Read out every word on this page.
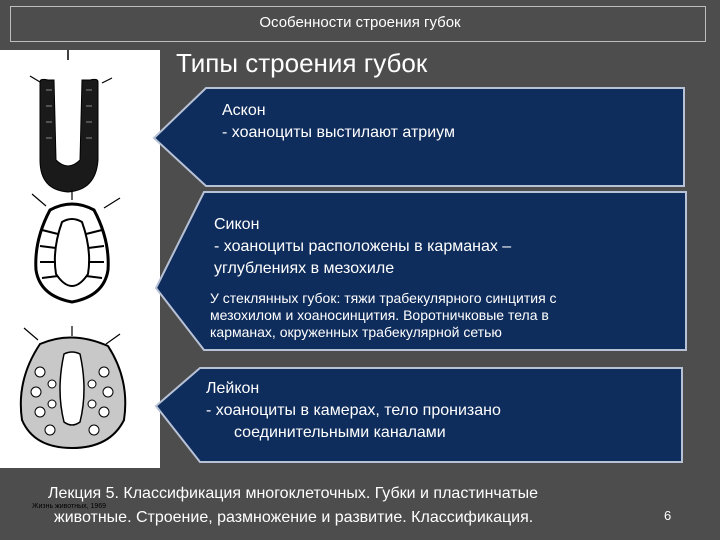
Особенности строения губок
Типы строения губок
Жизнь животных, 1969
Аскон
- хоаноциты выстилают атриум
Сикон
- хоаноциты расположены в карманах –
углублениях в мезохиле
У стеклянных губок: тяжи трабекулярного синцития с
мезохилом и хоаносинцития. Воротничковые тела в
карманах, окруженных трабекулярной сетью
Лейкон
- хоаноциты в камерах, тело пронизано
соединительными каналами
Лекция 5. Классификация многоклеточных. Губки и пластинчатые
животные. Строение, размножение и развитие. Классификация.	6
